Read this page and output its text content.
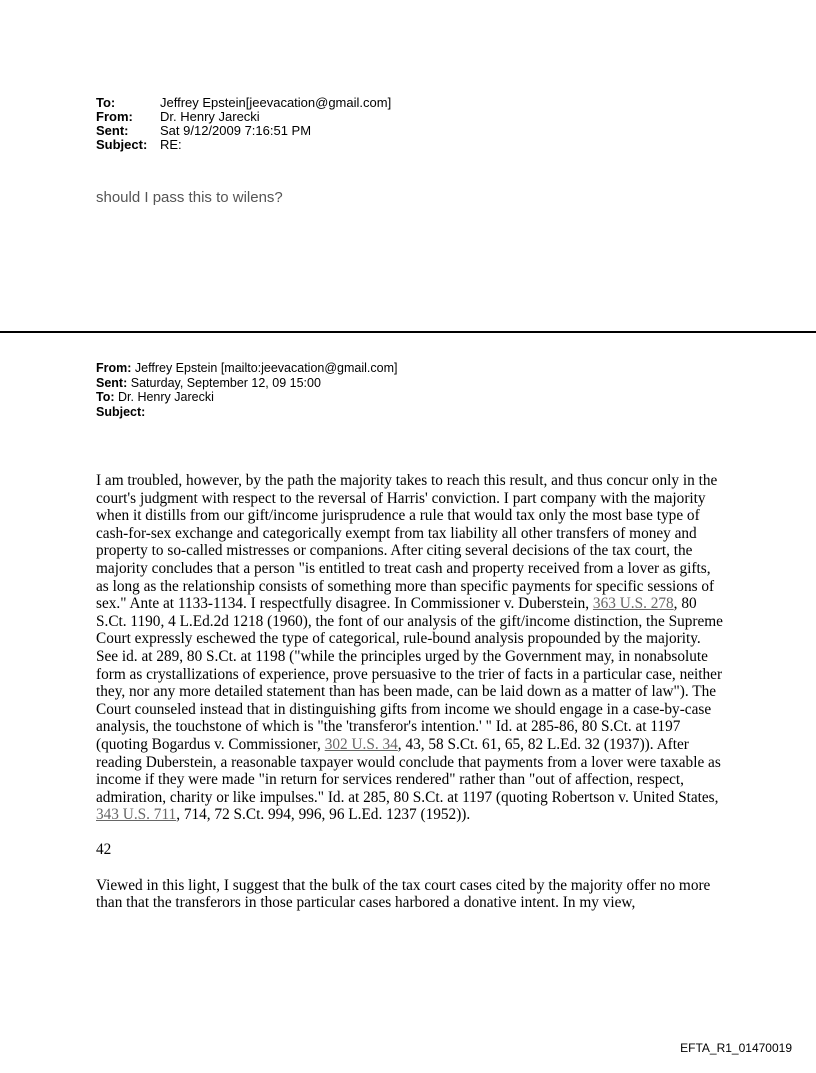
To:	Jeffrey Epstein[jeevacation@gmail.com]
From:	Dr. Henry Jarecki
Sent:	Sat 9/12/2009 7:16:51 PM
Subject: RE:
should I pass this to wilens?
From: Jeffrey Epstein [mailto:jeevacation@gmail.com]
Sent: Saturday, September 12, 09 15:00
To: Dr. Henry Jarecki
Subject:

I am troubled, however, by the path the majority takes to reach this result, and thus concur only in the court's judgment with respect to the reversal of Harris' conviction. I part company with the majority when it distills from our gift/income jurisprudence a rule that would tax only the most base type of cash-for-sex exchange and categorically exempt from tax liability all other transfers of money and property to so-called mistresses or companions. After citing several decisions of the tax court, the majority concludes that a person "is entitled to treat cash and property received from a lover as gifts, as long as the relationship consists of something more than specific payments for specific sessions of sex." Ante at 1133-1134. I respectfully disagree. In Commissioner v. Duberstein, 363 U.S. 278, 80 S.Ct. 1190, 4 L.Ed.2d 1218 (1960), the font of our analysis of the gift/income distinction, the Supreme Court expressly eschewed the type of categorical, rule-bound analysis propounded by the majority. See id. at 289, 80 S.Ct. at 1198 ("while the principles urged by the Government may, in nonabsolute form as crystallizations of experience, prove persuasive to the trier of facts in a particular case, neither they, nor any more detailed statement than has been made, can be laid down as a matter of law"). The Court counseled instead that in distinguishing gifts from income we should engage in a case-by-case analysis, the touchstone of which is "the 'transferor's intention.' " Id. at 285-86, 80 S.Ct. at 1197 (quoting Bogardus v. Commissioner, 302 U.S. 34, 43, 58 S.Ct. 61, 65, 82 L.Ed. 32 (1937)). After reading Duberstein, a reasonable taxpayer would conclude that payments from a lover were taxable as income if they were made "in return for services rendered" rather than "out of affection, respect, admiration, charity or like impulses." Id. at 285, 80 S.Ct. at 1197 (quoting Robertson v. United States, 343 U.S. 711, 714, 72 S.Ct. 994, 996, 96 L.Ed. 1237 (1952)).

42

Viewed in this light, I suggest that the bulk of the tax court cases cited by the majority offer no more than that the transferors in those particular cases harbored a donative intent. In my view,

EFTA_R1_01470019
